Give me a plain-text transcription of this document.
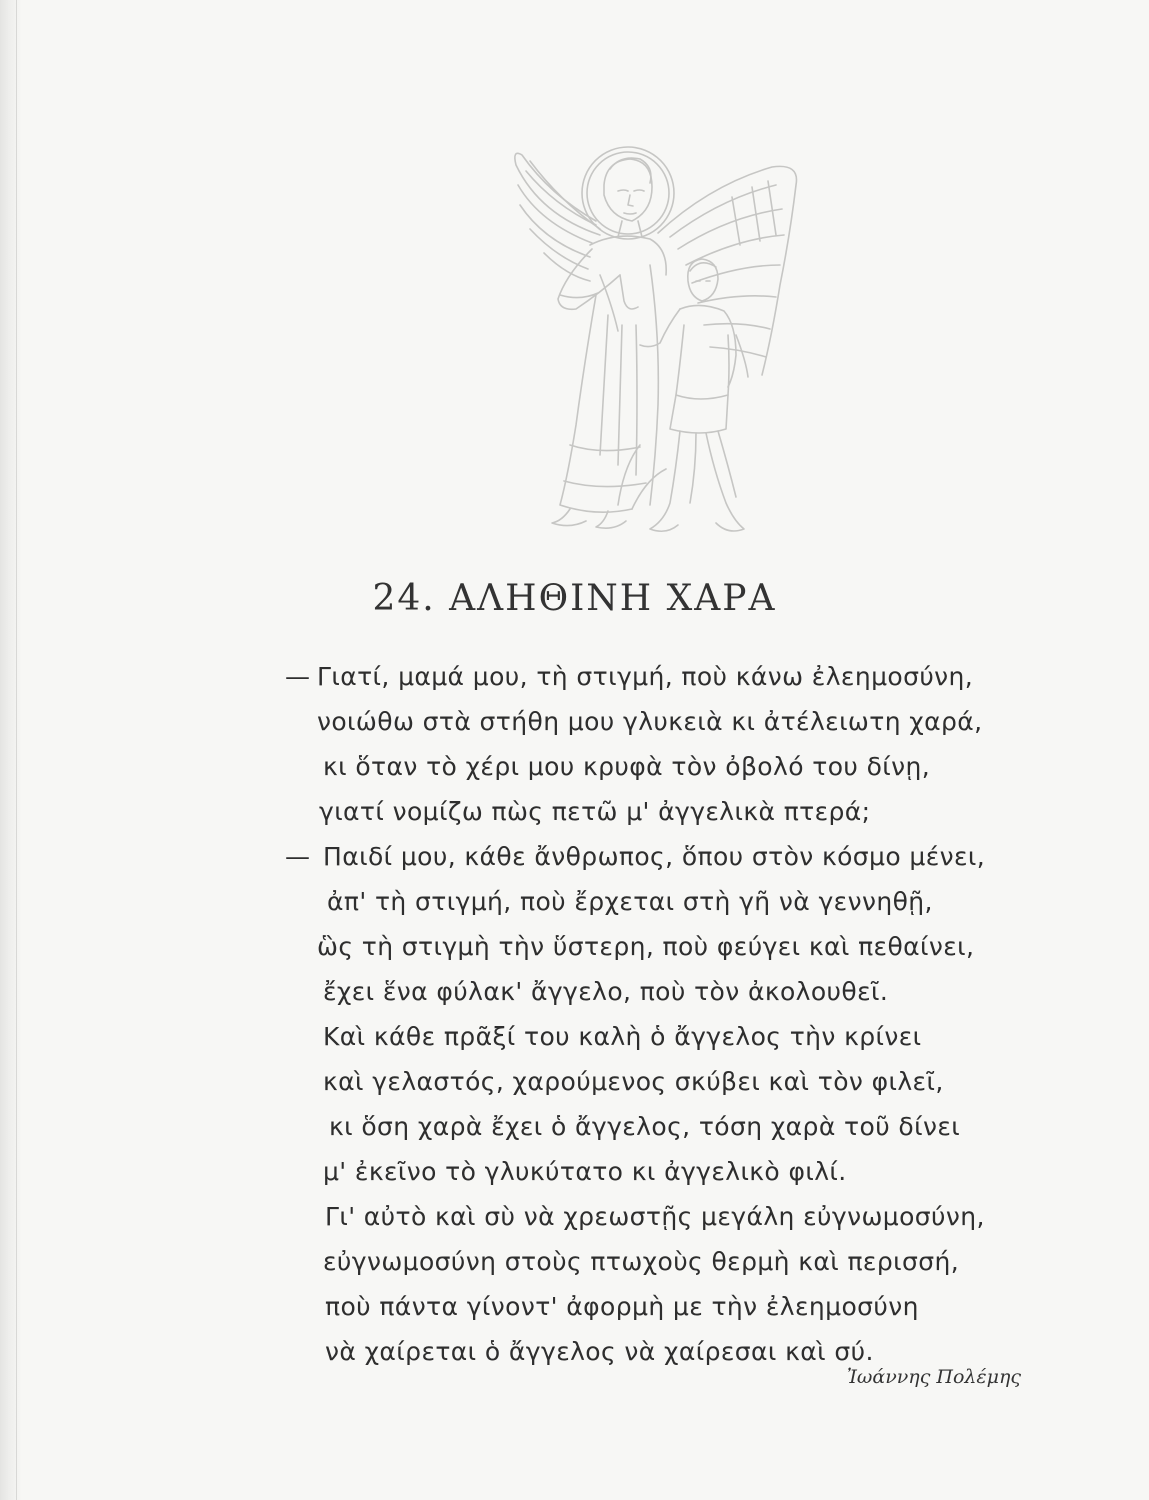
24. ΑΛΗΘΙΝΗ ΧΑΡΑ
— Γιατί, μαμά μου, τὴ στιγμή, ποὺ κάνω ἐλεημοσύνη,
νοιώθω στὰ στήθη μου γλυκειὰ κι ἀτέλειωτη χαρά,
κι ὅταν τὸ χέρι μου κρυφὰ τὸν ὀβολό του δίνῃ,
γιατί νομίζω πὼς πετῶ μ' ἀγγελικὰ πτερά;
— Παιδί μου, κάθε ἄνθρωπος, ὅπου στὸν κόσμο μένει,
ἀπ' τὴ στιγμή, ποὺ ἔρχεται στὴ γῆ νὰ γεννηθῇ,
ὣς τὴ στιγμὴ τὴν ὕστερη, ποὺ φεύγει καὶ πεθαίνει,
ἔχει ἕνα φύλακ' ἄγγελο, ποὺ τὸν ἀκολουθεῖ.
Καὶ κάθε πρᾶξί του καλὴ ὁ ἄγγελος τὴν κρίνει
καὶ γελαστός, χαρούμενος σκύβει καὶ τὸν φιλεῖ,
κι ὅση χαρὰ ἔχει ὁ ἄγγελος, τόση χαρὰ τοῦ δίνει
μ' ἐκεῖνο τὸ γλυκύτατο κι ἀγγελικὸ φιλί.
Γι' αὐτὸ καὶ σὺ νὰ χρεωστῇς μεγάλη εὐγνωμοσύνη,
εὐγνωμοσύνη στοὺς πτωχοὺς θερμὴ καὶ περισσή,
ποὺ πάντα γίνοντ' ἀφορμὴ με τὴν ἐλεημοσύνη
νὰ χαίρεται ὁ ἄγγελος νὰ χαίρεσαι καὶ σύ.
Ἰωάννης Πολέμης
